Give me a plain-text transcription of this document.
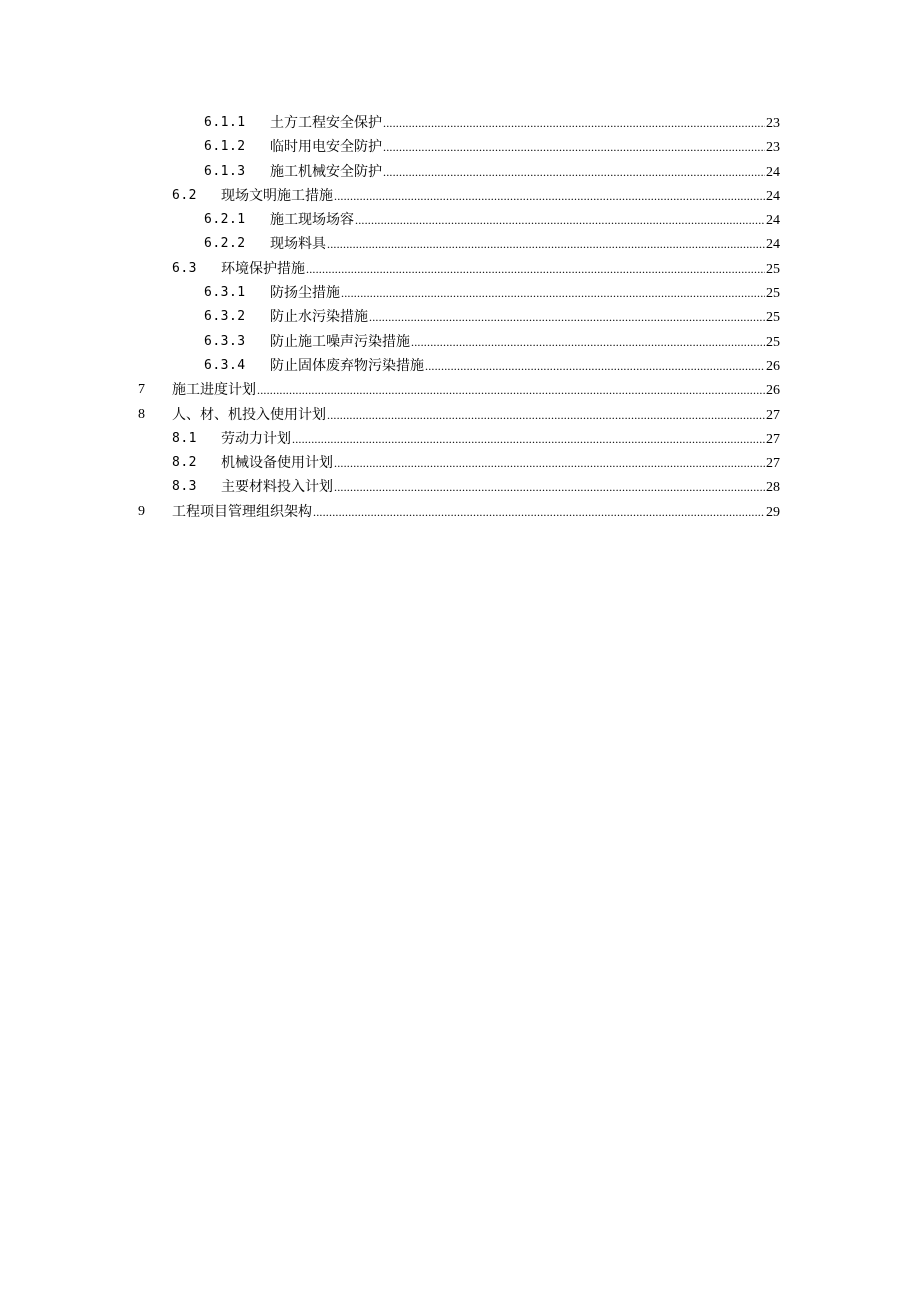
6.1.1 土方工程安全保护 .....	23
6.1.2 临时用电安全防护 .....	23
6.1.3 施工机械安全防护 .....	24
6.2 现场文明施工措施 .....	24
6.2.1 施工现场场容 .....	24
6.2.2 现场料具 .....	24
6.3 环境保护措施 .....	25
6.3.1 防扬尘措施 .....	25
6.3.2 防止水污染措施 .....	25
6.3.3 防止施工噪声污染措施 .....	25
6.3.4 防止固体废弃物污染措施 .....	26
7 施工进度计划 .....	26
8 人、材、机投入使用计划 .....	27
8.1 劳动力计划 .....	27
8.2 机械设备使用计划 .....	27
8.3 主要材料投入计划 .....	28
9 工程项目管理组织架构 .....	29
